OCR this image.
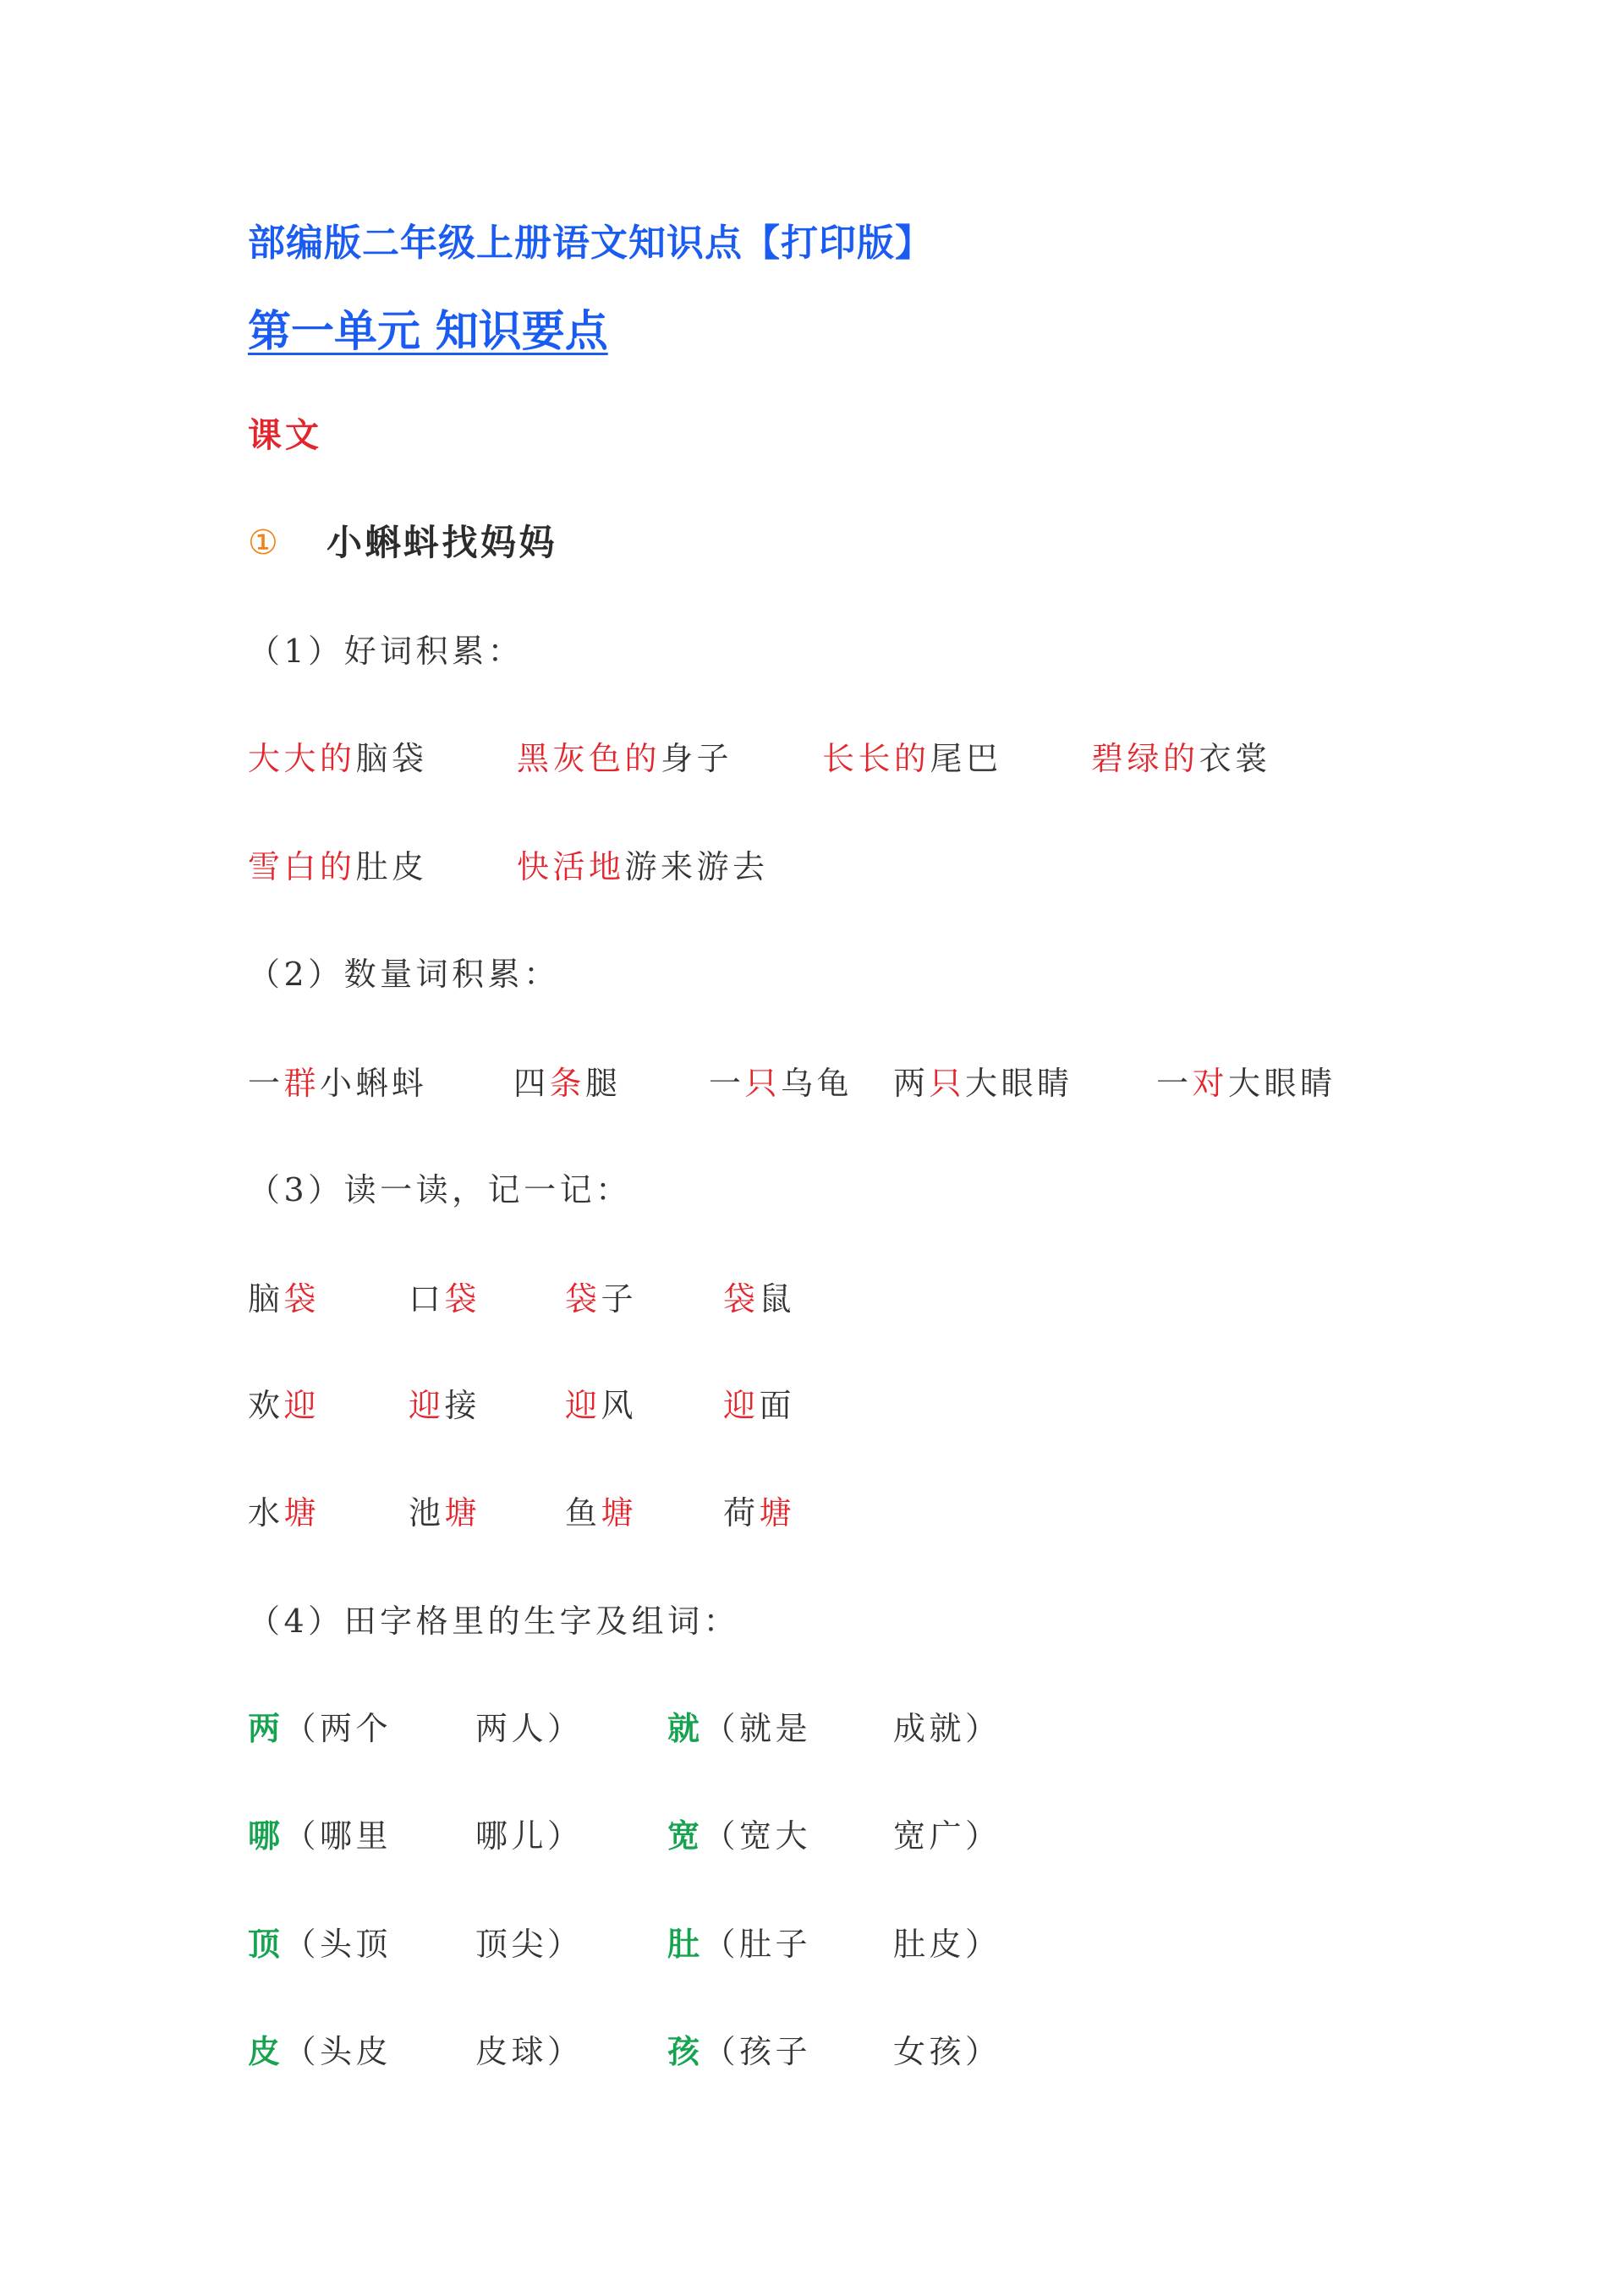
部编版二年级上册语文知识点【打印版】
第一单元 知识要点
课文
① 小蝌蚪找妈妈
（1）好词积累：
大大的脑袋	黑灰色的身子	长长的尾巴	碧绿的衣裳
雪白的肚皮	快活地游来游去
（2）数量词积累：
一群小蝌蚪	四条腿	一只乌龟 两只大眼睛	一对大眼睛
（3）读一读，记一记：
脑袋	口袋	袋子	袋鼠
欢迎	迎接	迎风	迎面
水塘	池塘	鱼塘	荷塘
（4）田字格里的生字及组词：
两（两个	两人）	就（就是	成就）
哪（哪里	哪儿）	宽（宽大	宽广）
顶（头顶	顶尖）	肚（肚子	肚皮）
皮（头皮	皮球）	孩（孩子	女孩）
